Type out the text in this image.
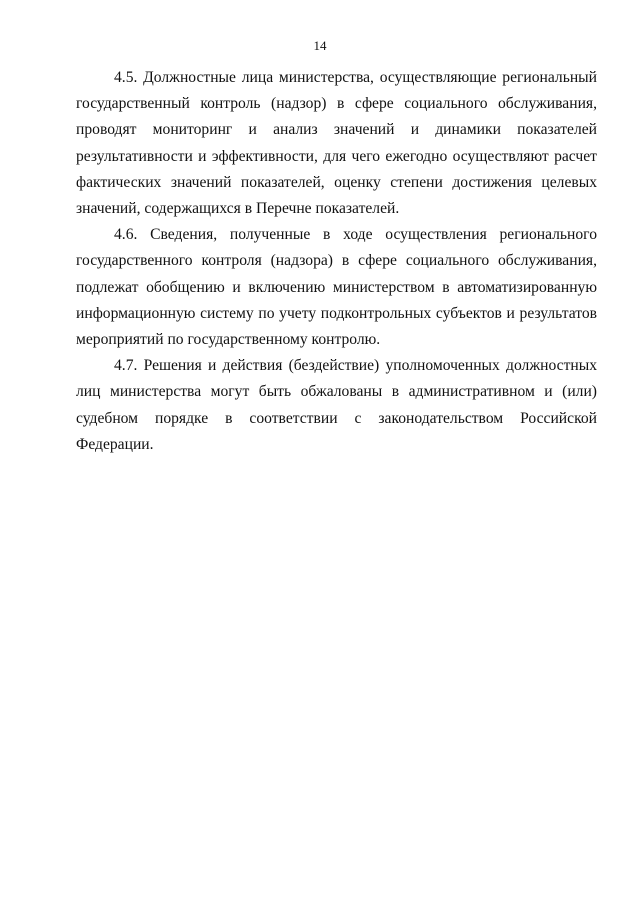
14

4.5. Должностные лица министерства, осуществляющие региональный государственный контроль (надзор) в сфере социального обслуживания, проводят мониторинг и анализ значений и динамики показателей результативности и эффективности, для чего ежегодно осуществляют расчет фактических значений показателей, оценку степени достижения целевых значений, содержащихся в Перечне показателей.

4.6. Сведения, полученные в ходе осуществления регионального государственного контроля (надзора) в сфере социального обслуживания, подлежат обобщению и включению министерством в автоматизированную информационную систему по учету подконтрольных субъектов и результатов мероприятий по государственному контролю.

4.7. Решения и действия (бездействие) уполномоченных должностных лиц министерства могут быть обжалованы в административном и (или) судебном порядке в соответствии с законодательством Российской Федерации.
